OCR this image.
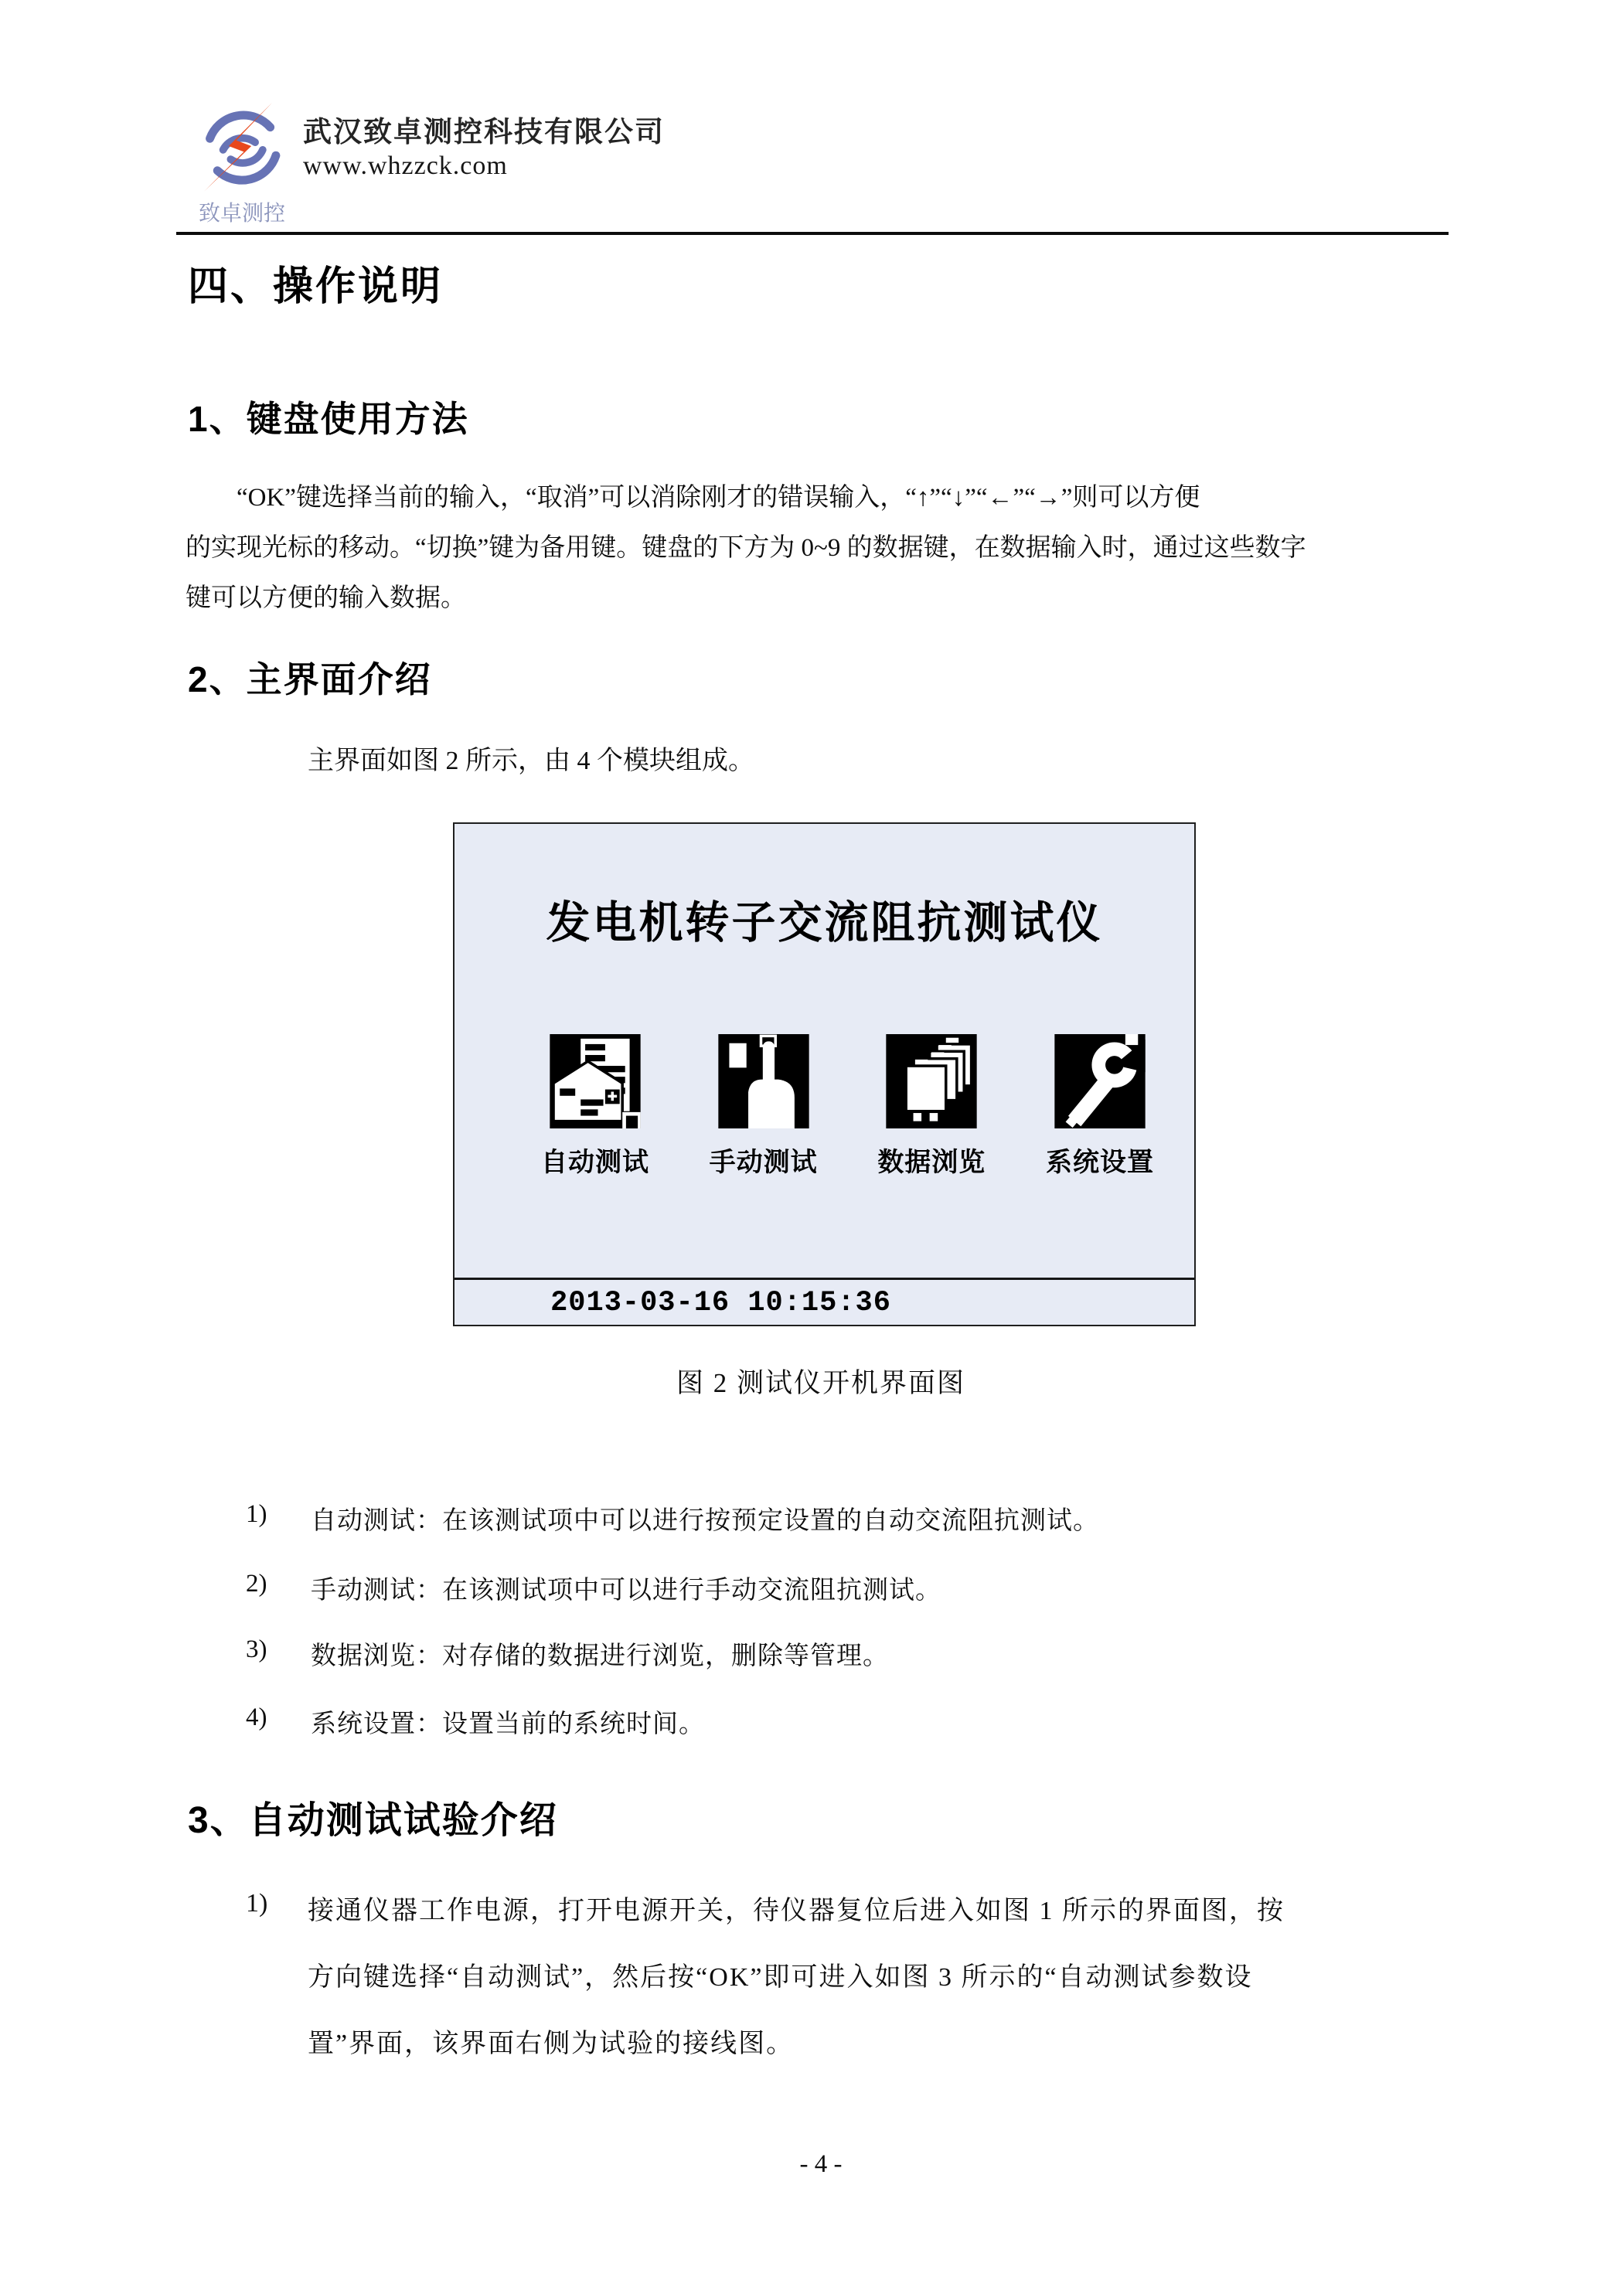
致卓测控
武汉致卓测控科技有限公司
www.whzzck.com
四、操作说明
1、键盘使用方法
“OK”键选择当前的输入，“取消”可以消除刚才的错误输入，“↑”“↓”“←”“→”则可以方便
的实现光标的移动。“切换”键为备用键。键盘的下方为 0~9 的数据键，在数据输入时，通过这些数字
键可以方便的输入数据。
2、主界面介绍
主界面如图 2 所示，由 4 个模块组成。
发电机转子交流阻抗测试仪
自动测试 手动测试 数据浏览 系统设置
2013-03-16 10:15:36
图 2 测试仪开机界面图
1) 自动测试：在该测试项中可以进行按预定设置的自动交流阻抗测试。
2) 手动测试：在该测试项中可以进行手动交流阻抗测试。
3) 数据浏览：对存储的数据进行浏览，删除等管理。
4) 系统设置：设置当前的系统时间。
3、自动测试试验介绍
1) 接通仪器工作电源，打开电源开关，待仪器复位后进入如图 1 所示的界面图，按
方向键选择“自动测试”，然后按“OK”即可进入如图 3 所示的“自动测试参数设
置”界面，该界面右侧为试验的接线图。
- 4 -
